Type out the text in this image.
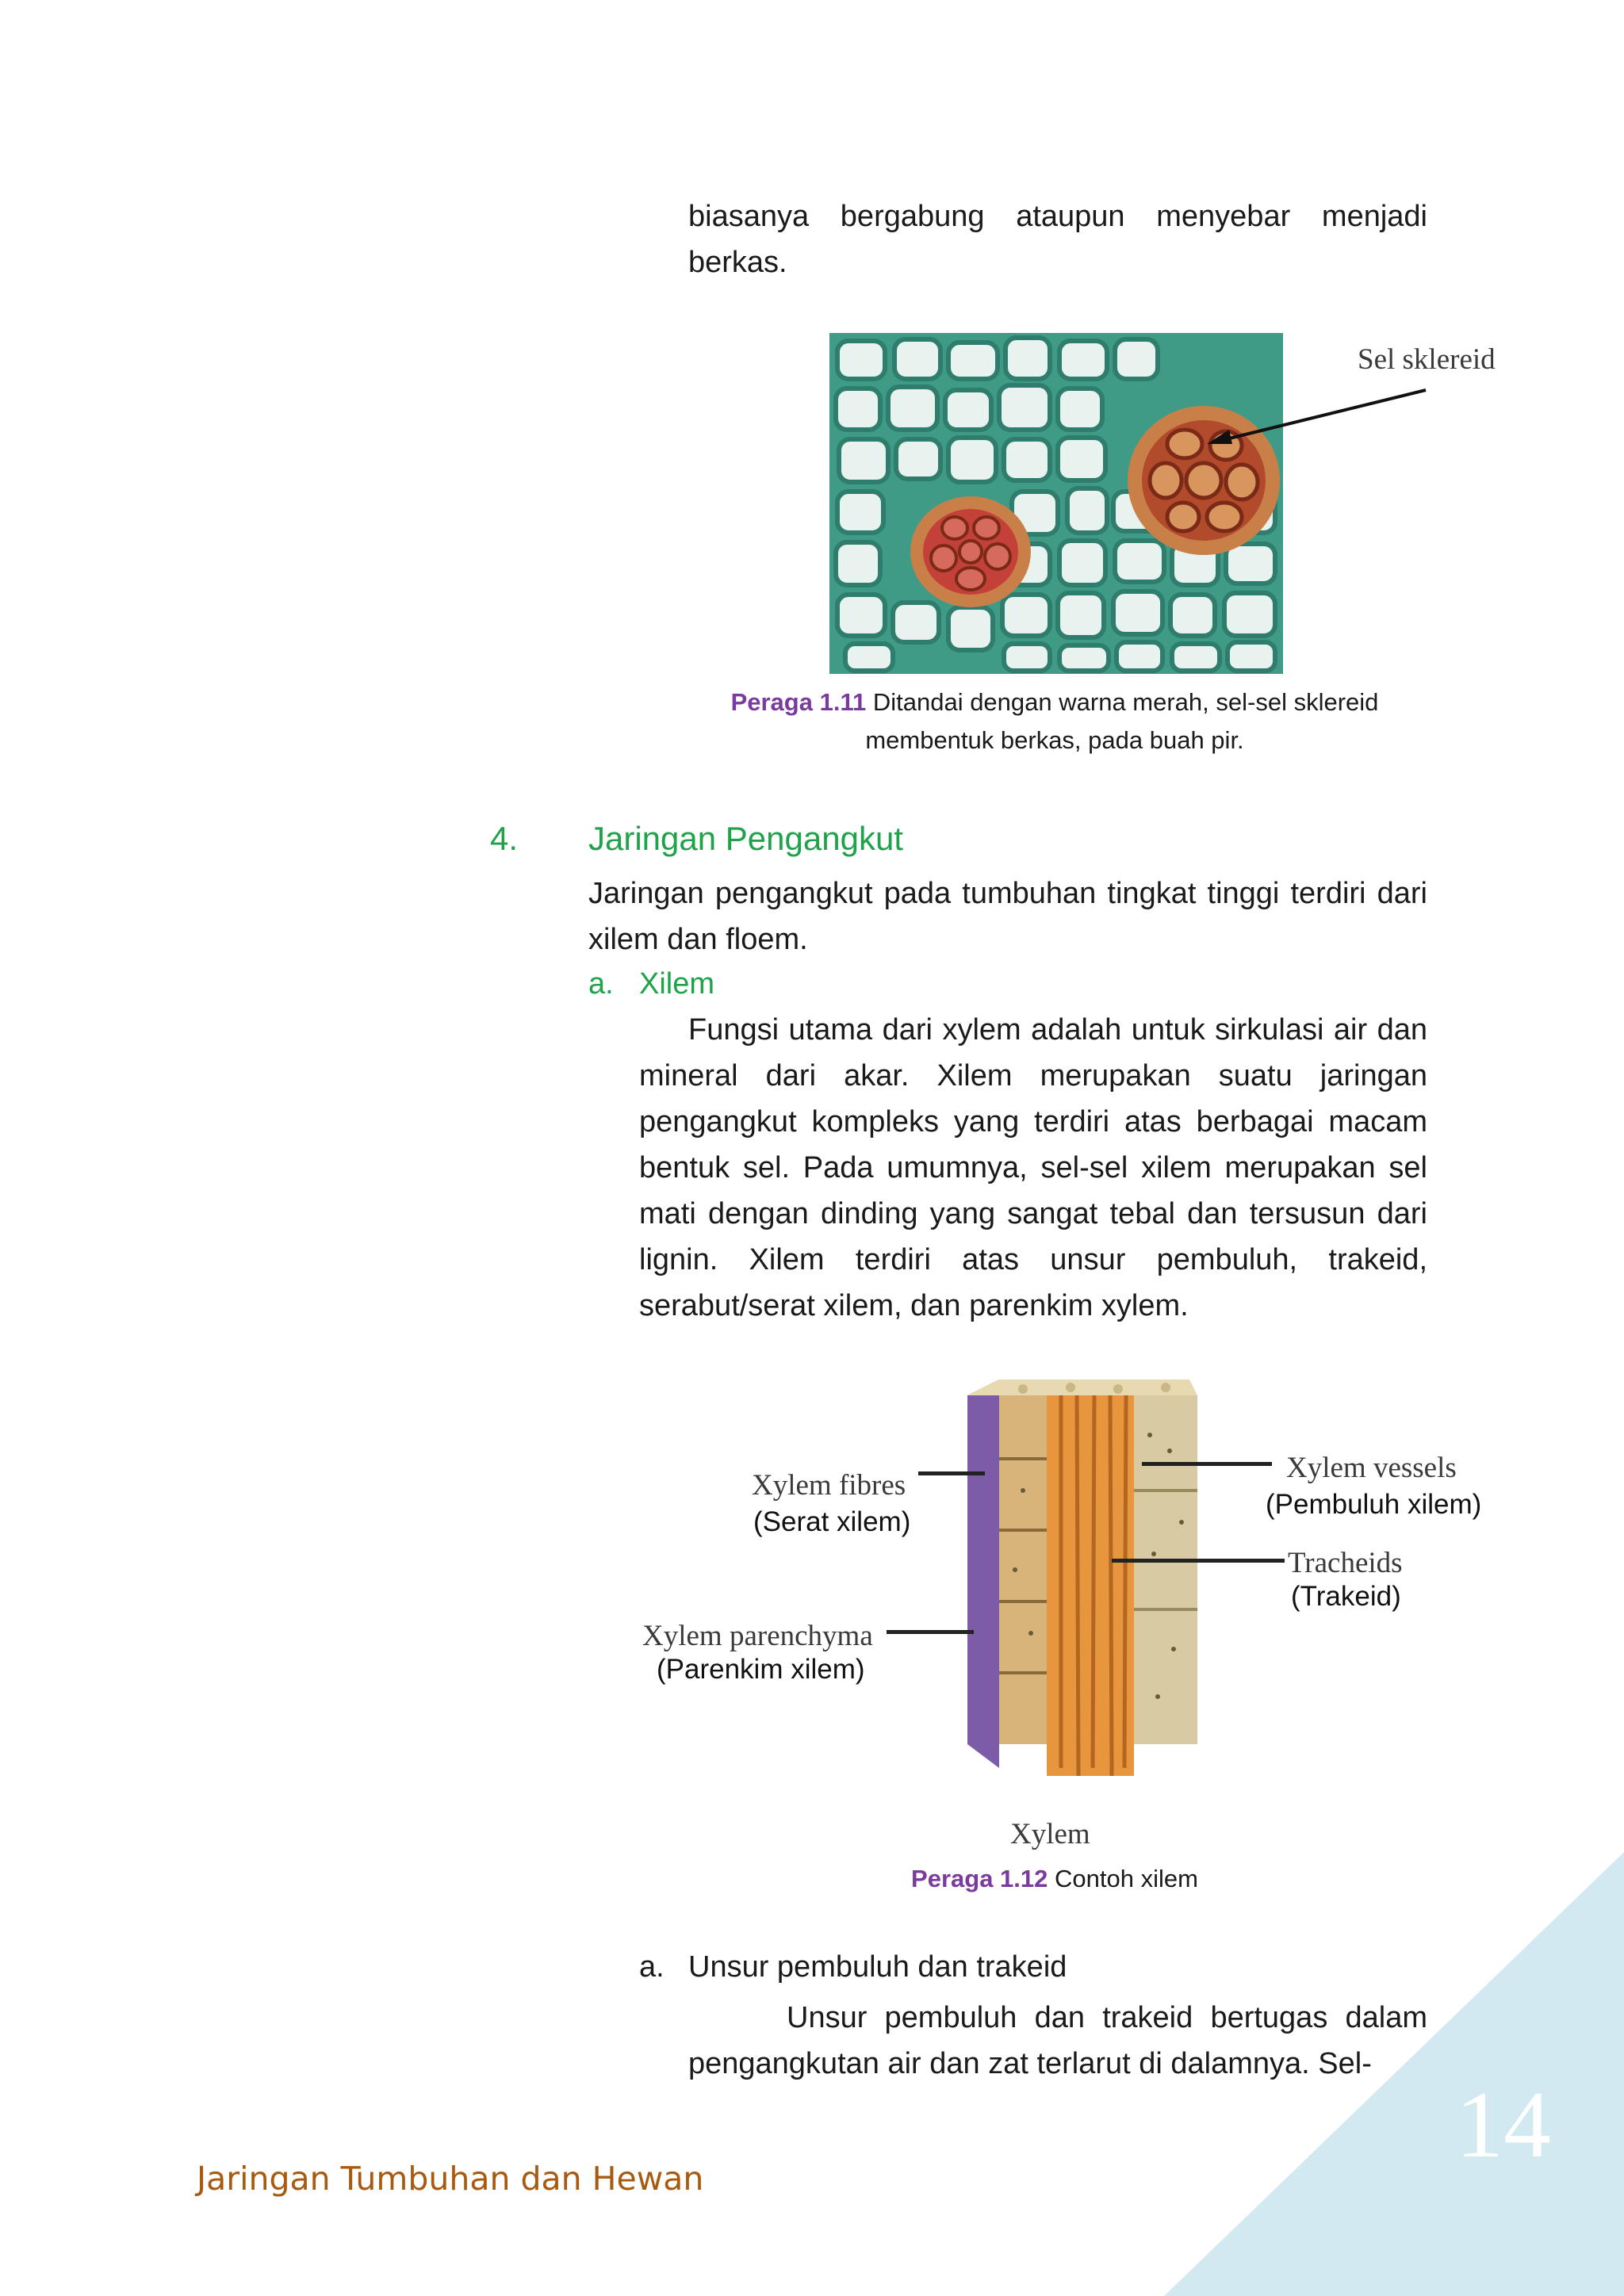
14
Jaringan Tumbuhan dan Hewan

biasanya bergabung ataupun menyebar menjadi berkas.

Sel sklereid

Peraga 1.11 Ditandai dengan warna merah, sel-sel sklereid membentuk berkas, pada buah pir.

4. Jaringan Pengangkut

Jaringan pengangkut pada tumbuhan tingkat tinggi terdiri dari xilem dan floem.

a. Xilem

Fungsi utama dari xylem adalah untuk sirkulasi air dan mineral dari akar. Xilem merupakan suatu jaringan pengangkut kompleks yang terdiri atas berbagai macam bentuk sel. Pada umumnya, sel-sel xilem merupakan sel mati dengan dinding yang sangat tebal dan tersusun dari lignin. Xilem terdiri atas unsur pembuluh, trakeid, serabut/serat xilem, dan parenkim xylem.

Xylem fibres
(Serat xilem)
Xylem parenchyma
(Parenkim xilem)
Xylem vessels
(Pembuluh xilem)
Tracheids
(Trakeid)
Xylem

Peraga 1.12 Contoh xilem

a. Unsur pembuluh dan trakeid

Unsur pembuluh dan trakeid bertugas dalam pengangkutan air dan zat terlarut di dalamnya. Sel-
